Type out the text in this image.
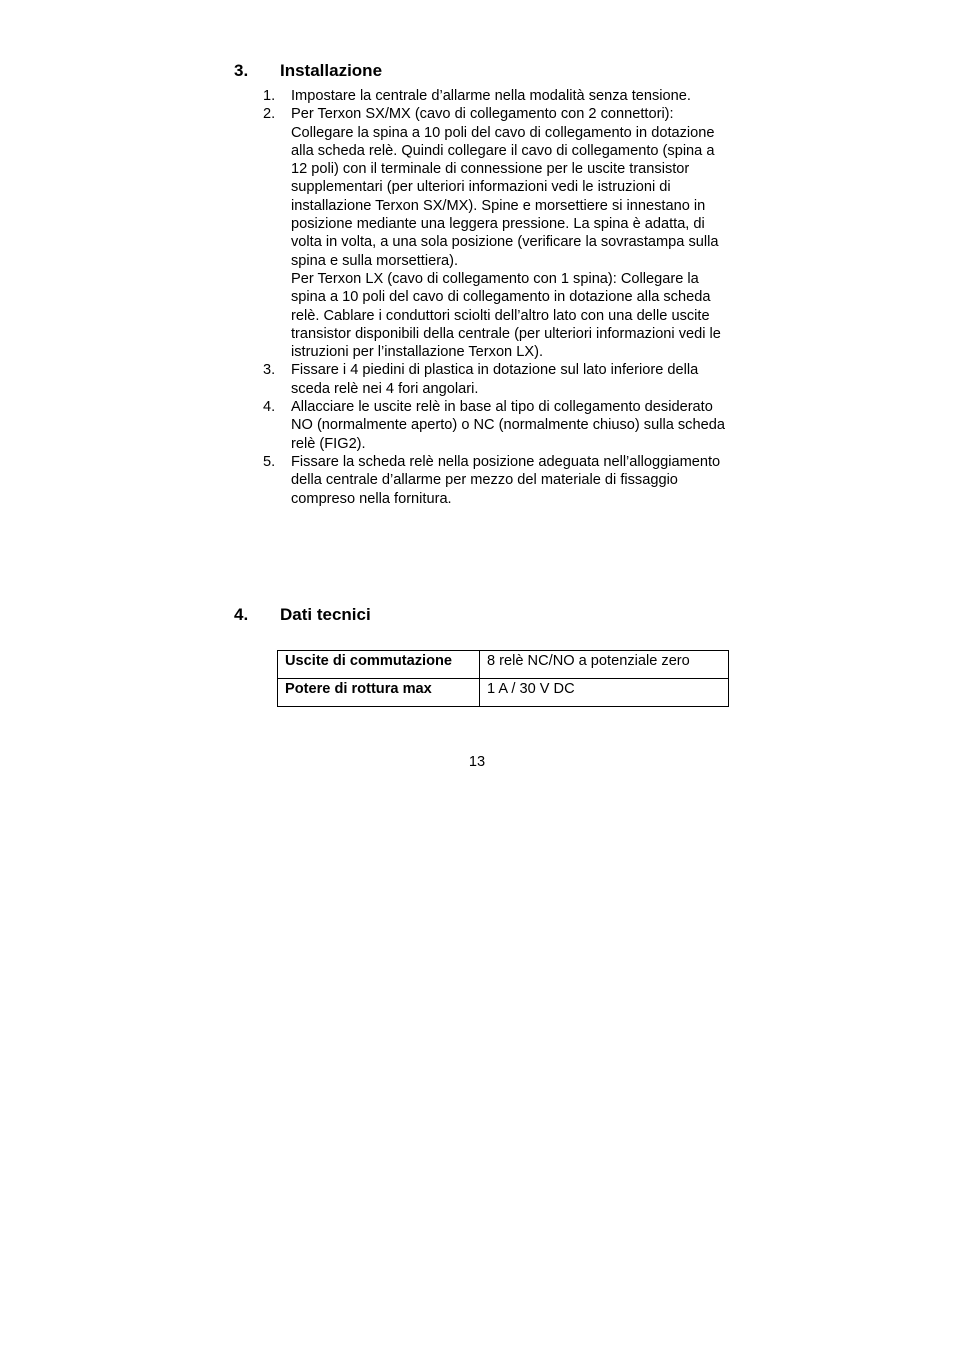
3. Installazione
1. Impostare la centrale d’allarme nella modalità senza tensione.

2. Per Terxon SX/MX (cavo di collegamento con 2 connettori): Collegare la spina a 10 poli del cavo di collegamento in dotazione alla scheda relè. Quindi collegare il cavo di collegamento (spina a 12 poli) con il terminale di connessione per le uscite transistor supplementari (per ulteriori informazioni vedi le istruzioni di installazione Terxon SX/MX). Spine e morsettiere si innestano in posizione mediante una leggera pressione. La spina è adatta, di volta in volta, a una sola posizione (verificare la sovrastampa sulla spina e sulla morsettiera).

Per Terxon LX (cavo di collegamento con 1 spina): Collegare la spina a 10 poli del cavo di collegamento in dotazione alla scheda relè. Cablare i conduttori sciolti dell’altro lato con una delle uscite transistor disponibili della centrale (per ulteriori informazioni vedi le istruzioni per l’installazione Terxon LX).

3. Fissare i 4 piedini di plastica in dotazione sul lato inferiore della sceda relè nei 4 fori angolari.

4. Allacciare le uscite relè in base al tipo di collegamento desiderato NO (normalmente aperto) o NC (normalmente chiuso) sulla scheda relè (FIG2).

5. Fissare la scheda relè nella posizione adeguata nell’alloggiamento della centrale d’allarme per mezzo del materiale di fissaggio compreso nella fornitura.

4. Dati tecnici
Uscite di commutazione	8 relè NC/NO a potenziale zero
Potere di rottura max	1 A / 30 V DC
13
